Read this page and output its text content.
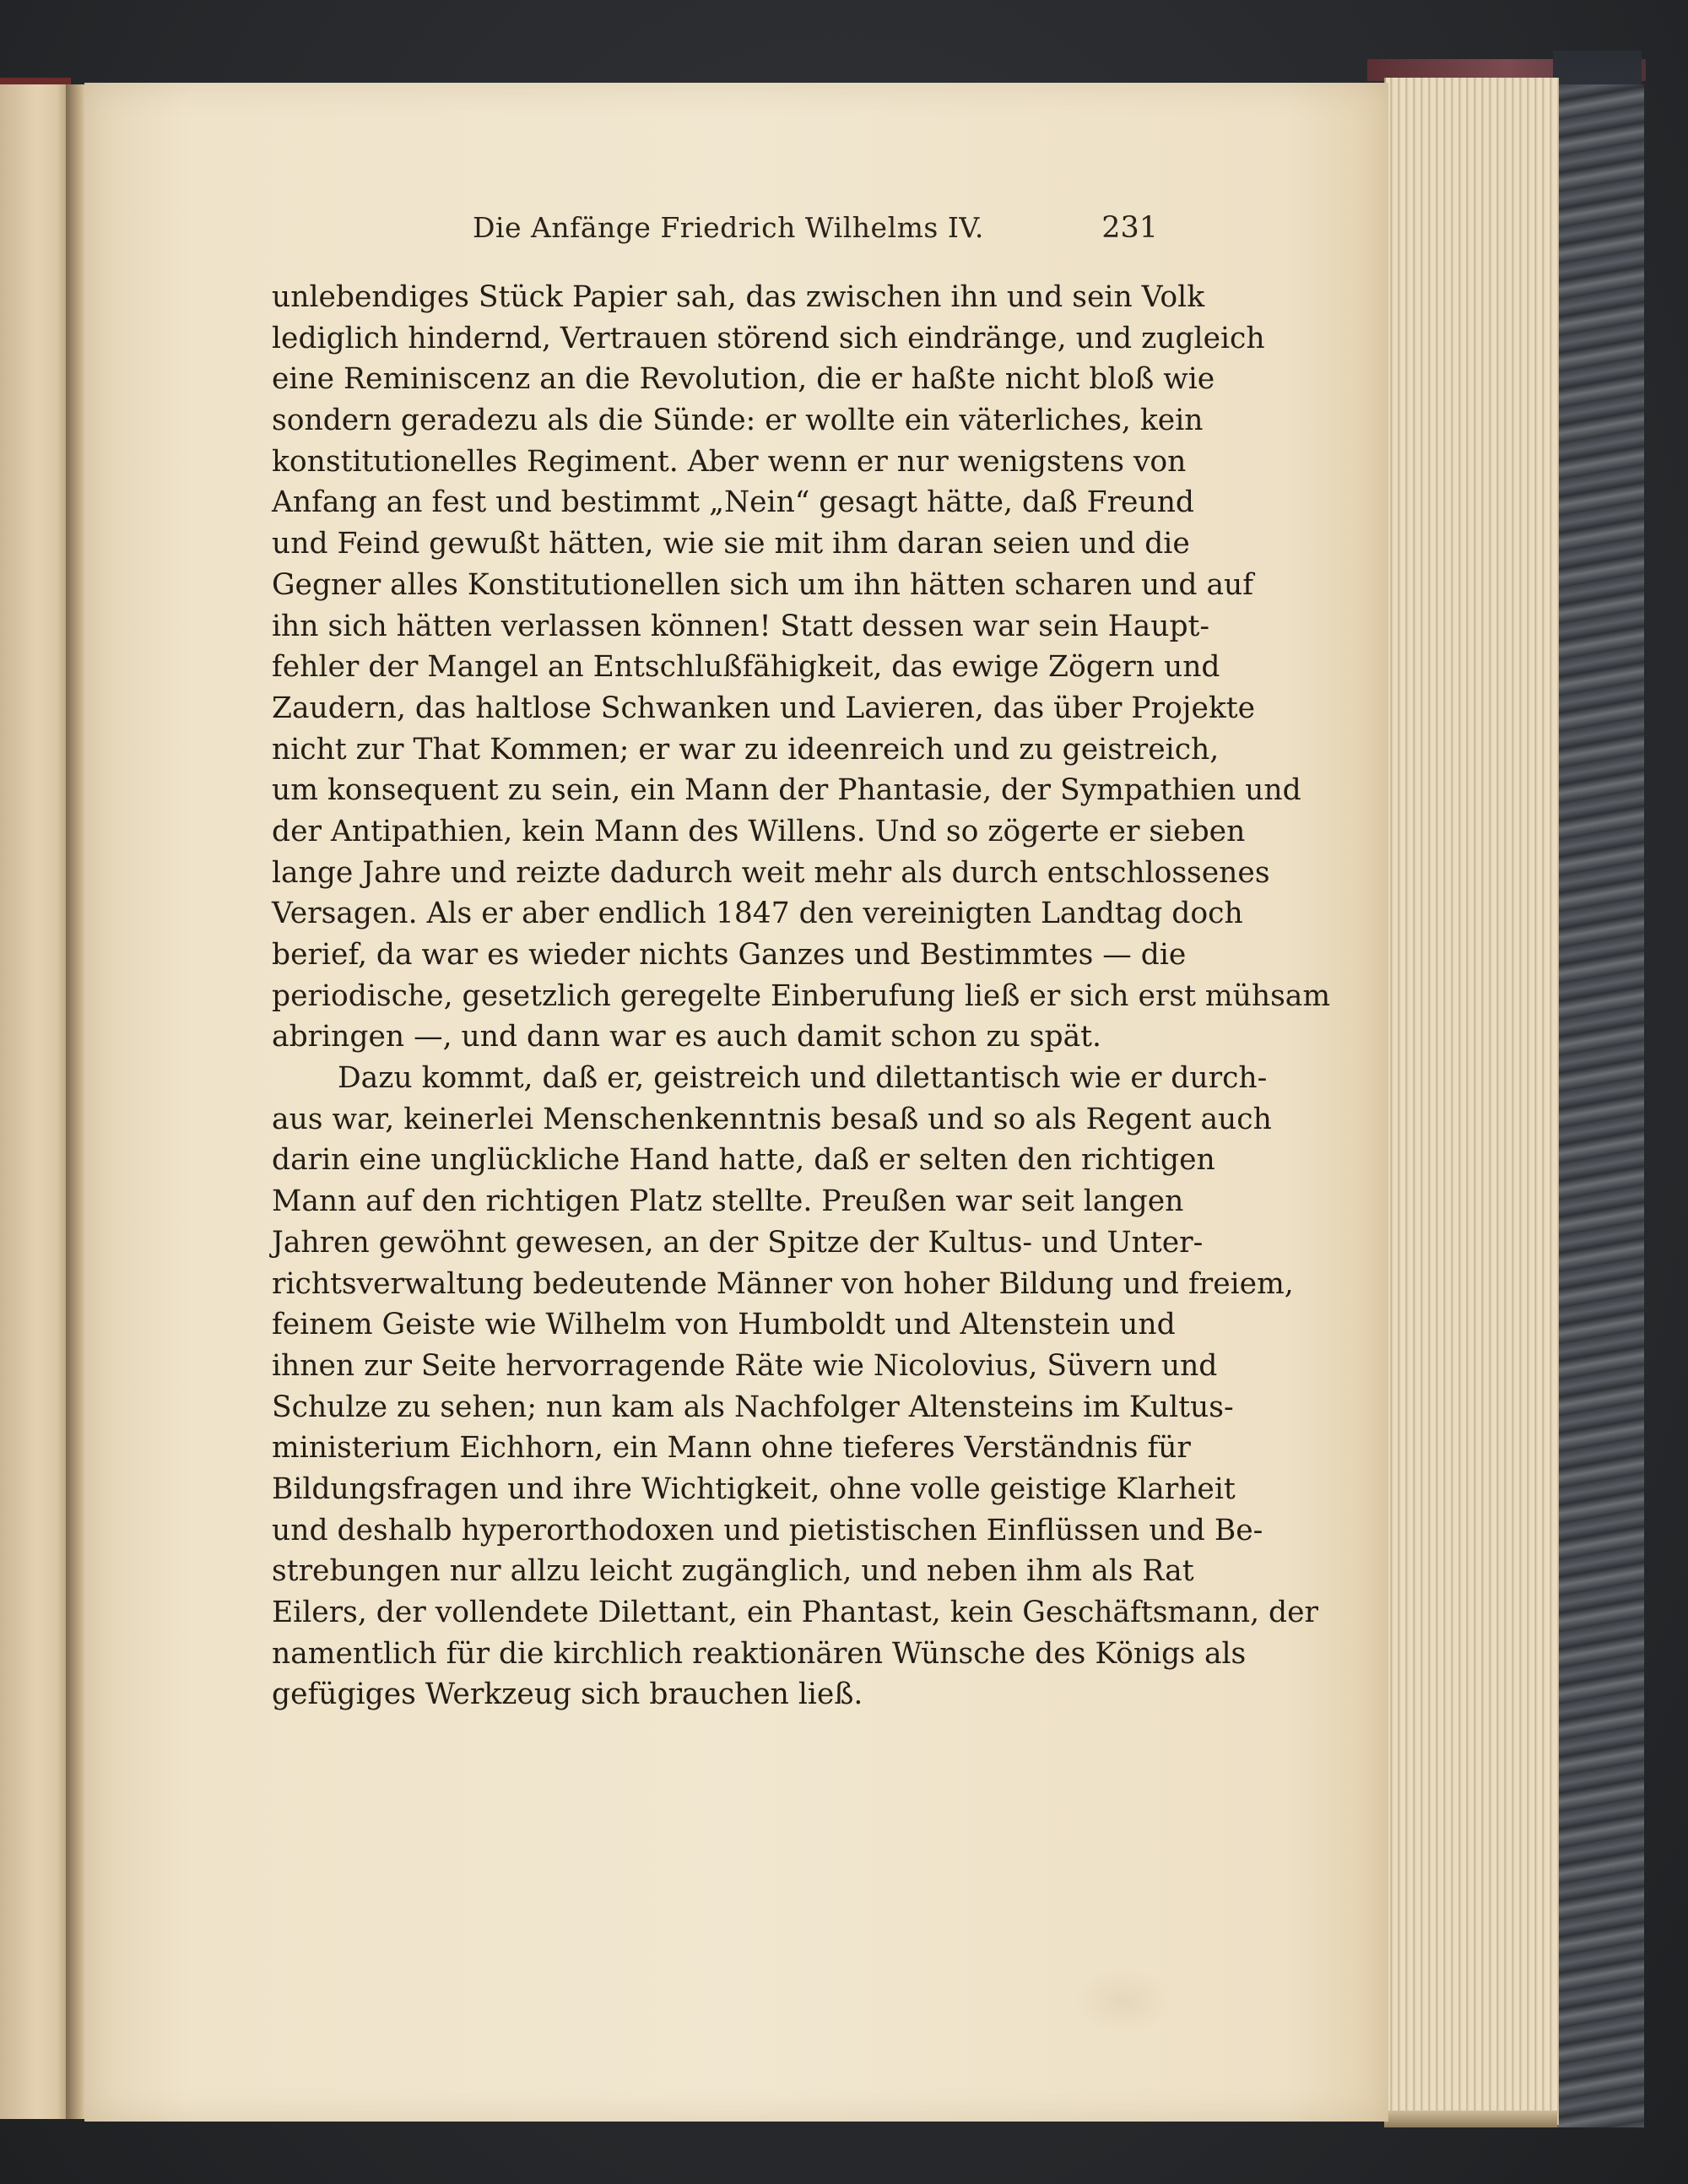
Die Anfänge Friedrich Wilhelms IV.	231
unlebendiges Stück Papier sah, das zwischen ihn und sein Volk
lediglich hindernd, Vertrauen störend sich eindränge, und zugleich
eine Reminiscenz an die Revolution, die er haßte nicht bloß wie
sondern geradezu als die Sünde: er wollte ein väterliches, kein
konstitutionelles Regiment. Aber wenn er nur wenigstens von
Anfang an fest und bestimmt „Nein“ gesagt hätte, daß Freund
und Feind gewußt hätten, wie sie mit ihm daran seien und die
Gegner alles Konstitutionellen sich um ihn hätten scharen und auf
ihn sich hätten verlassen können! Statt dessen war sein Haupt-
fehler der Mangel an Entschlußfähigkeit, das ewige Zögern und
Zaudern, das haltlose Schwanken und Lavieren, das über Projekte
nicht zur That Kommen; er war zu ideenreich und zu geistreich,
um konsequent zu sein, ein Mann der Phantasie, der Sympathien und
der Antipathien, kein Mann des Willens. Und so zögerte er sieben
lange Jahre und reizte dadurch weit mehr als durch entschlossenes
Versagen. Als er aber endlich 1847 den vereinigten Landtag doch
berief, da war es wieder nichts Ganzes und Bestimmtes — die
periodische, gesetzlich geregelte Einberufung ließ er sich erst mühsam
abringen —, und dann war es auch damit schon zu spät.
Dazu kommt, daß er, geistreich und dilettantisch wie er durch-
aus war, keinerlei Menschenkenntnis besaß und so als Regent auch
darin eine unglückliche Hand hatte, daß er selten den richtigen
Mann auf den richtigen Platz stellte. Preußen war seit langen
Jahren gewöhnt gewesen, an der Spitze der Kultus- und Unter-
richtsverwaltung bedeutende Männer von hoher Bildung und freiem,
feinem Geiste wie Wilhelm von Humboldt und Altenstein und
ihnen zur Seite hervorragende Räte wie Nicolovius, Süvern und
Schulze zu sehen; nun kam als Nachfolger Altensteins im Kultus-
ministerium Eichhorn, ein Mann ohne tieferes Verständnis für
Bildungsfragen und ihre Wichtigkeit, ohne volle geistige Klarheit
und deshalb hyperorthodoxen und pietistischen Einflüssen und Be-
strebungen nur allzu leicht zugänglich, und neben ihm als Rat
Eilers, der vollendete Dilettant, ein Phantast, kein Geschäftsmann, der
namentlich für die kirchlich reaktionären Wünsche des Königs als
gefügiges Werkzeug sich brauchen ließ.
